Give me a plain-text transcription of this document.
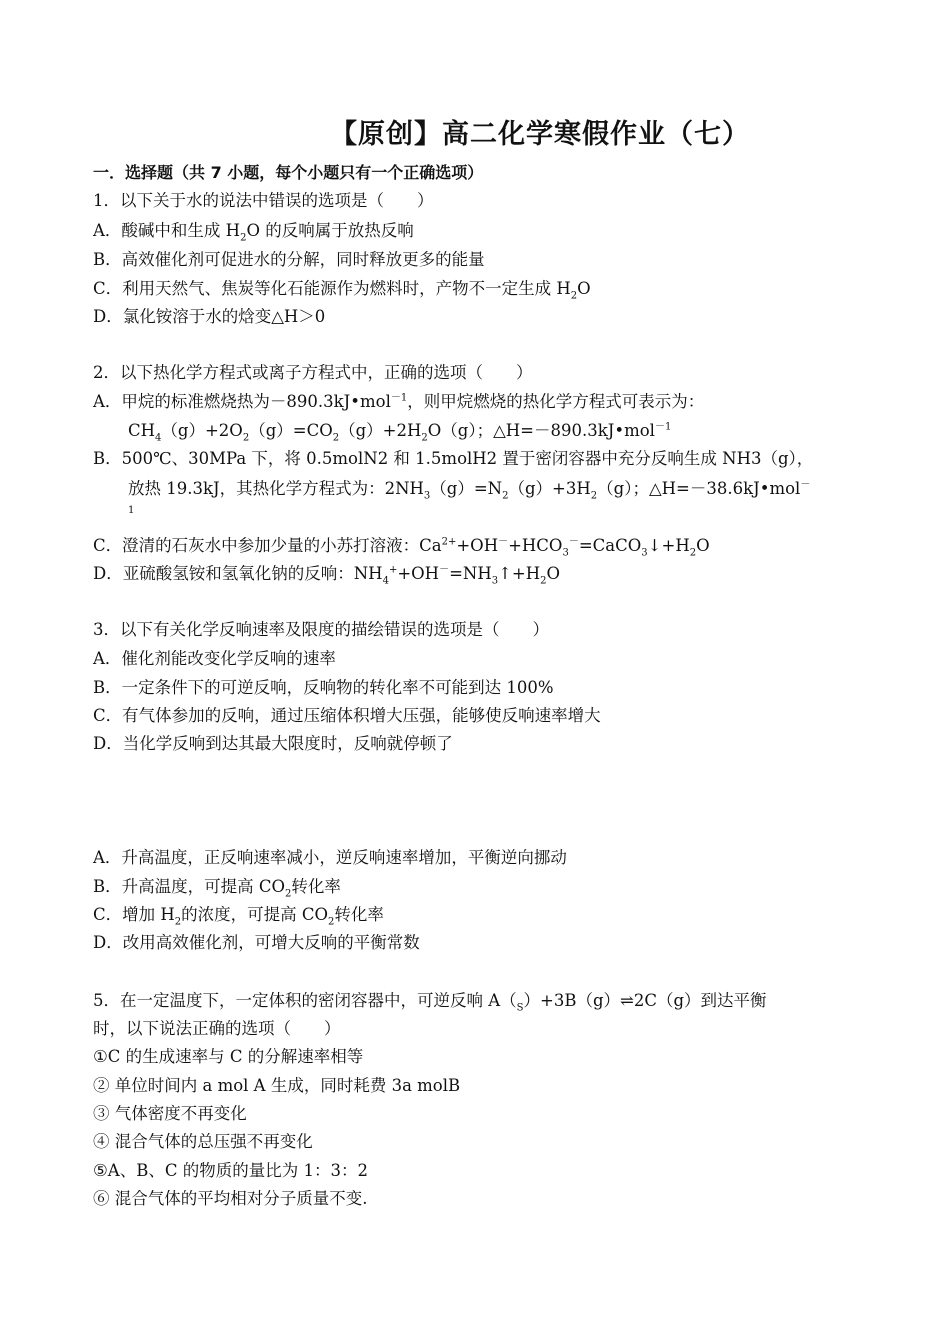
【原创】高二化学寒假作业（七）
一．选择题（共 7 小题，每个小题只有一个正确选项）
1．以下关于水的说法中错误的选项是（　　）
A．酸碱中和生成 $H_2O$ 的反响属于放热反响
B．高效催化剂可促进水的分解，同时释放更多的能量
C．利用天然气、焦炭等化石能源作为燃料时，产物不一定生成 $H_2O$
D．氯化铵溶于水的焓变△H＞0
2．以下热化学方程式或离子方程式中，正确的选项（　　）
A．甲烷的标准燃烧热为－890.3kJ•mol$^{-1}$，则甲烷燃烧的热化学方程式可表示为：
$CH_4(g)+2O_2(g)=CO_2(g)+2H_2O(g)$；△H=－890.3kJ•mol$^{-1}$
B．500℃、30MPa 下，将 0.5molN2 和 1.5molH2 置于密闭容器中充分反响生成 NH3（g），
放热 19.3kJ，其热化学方程式为：$2NH_3(g)=N_2(g)+3H_2(g)$；△H=－38.6kJ•mol－
1
C．澄清的石灰水中参加少量的小苏打溶液：$Ca^{2+}+OH^-+HCO_3^-=CaCO_3↓+H_2O$
D．亚硫酸氢铵和氢氧化钠的反响：$NH_4^++OH^-=NH_3↑+H_2O$
3．以下有关化学反响速率及限度的描绘错误的选项是（　　）
A．催化剂能改变化学反响的速率
B．一定条件下的可逆反响，反响物的转化率不可能到达 100%
C．有气体参加的反响，通过压缩体积增大压强，能够使反响速率增大
D．当化学反响到达其最大限度时，反响就停顿了
A．升高温度，正反响速率减小，逆反响速率增加，平衡逆向挪动
B．升高温度，可提高 $CO_2$转化率
C．增加 $H_2$的浓度，可提高 $CO_2$转化率
D．改用高效催化剂，可增大反响的平衡常数
5．在一定温度下，一定体积的密闭容器中，可逆反响 $A(_S)+3B(g)\rightleftharpoons 2C(g)$到达平衡
时，以下说法正确的选项（　　）
①C 的生成速率与 C 的分解速率相等
② 单位时间内 a mol A 生成，同时耗费 3a molB
③ 气体密度不再变化
④ 混合气体的总压强不再变化
⑤A、B、C 的物质的量比为 1：3：2
⑥ 混合气体的平均相对分子质量不变.
